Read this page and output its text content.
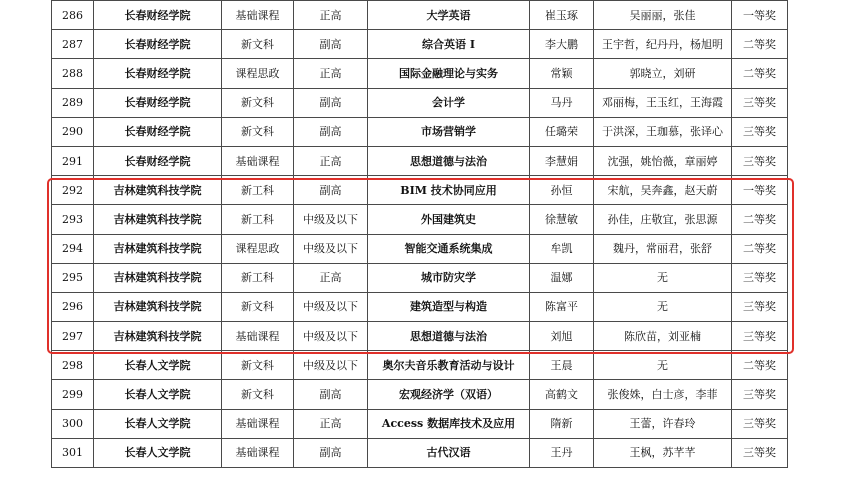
286	长春财经学院	基础课程	正高	大学英语	崔玉琢	吴丽丽，张佳	一等奖
287	长春财经学院	新文科	副高	综合英语 I	李大鹏	王宇哲，纪丹丹，杨旭明	二等奖
288	长春财经学院	课程思政	正高	国际金融理论与实务	常颖	郭晓立，刘研	二等奖
289	长春财经学院	新文科	副高	会计学	马丹	邓丽梅，王玉红，王海霞	三等奖
290	长春财经学院	新文科	副高	市场营销学	任璐荣	于洪深，王珈慕，张译心	三等奖
291	长春财经学院	基础课程	正高	思想道德与法治	李慧娟	沈强，姚怡薇，章丽婷	三等奖
292	吉林建筑科技学院	新工科	副高	BIM 技术协同应用	孙恒	宋航，吴奔鑫，赵天蔚	一等奖
293	吉林建筑科技学院	新工科	中级及以下	外国建筑史	徐慧敏	孙佳，庄敬宜，张思源	二等奖
294	吉林建筑科技学院	课程思政	中级及以下	智能交通系统集成	牟凯	魏丹，常丽君，张舒	二等奖
295	吉林建筑科技学院	新工科	正高	城市防灾学	温娜	无	三等奖
296	吉林建筑科技学院	新文科	中级及以下	建筑造型与构造	陈富平	无	三等奖
297	吉林建筑科技学院	基础课程	中级及以下	思想道德与法治	刘旭	陈欣苗，刘亚楠	三等奖
298	长春人文学院	新文科	中级及以下	奥尔夫音乐教育活动与设计	王晨	无	二等奖
299	长春人文学院	新文科	副高	宏观经济学（双语）	高鹤文	张俊姝，白士彦，李菲	三等奖
300	长春人文学院	基础课程	正高	Access 数据库技术及应用	隋新	王蕾，许春玲	三等奖
301	长春人文学院	基础课程	副高	古代汉语	王丹	王枫，苏芊芊	三等奖
